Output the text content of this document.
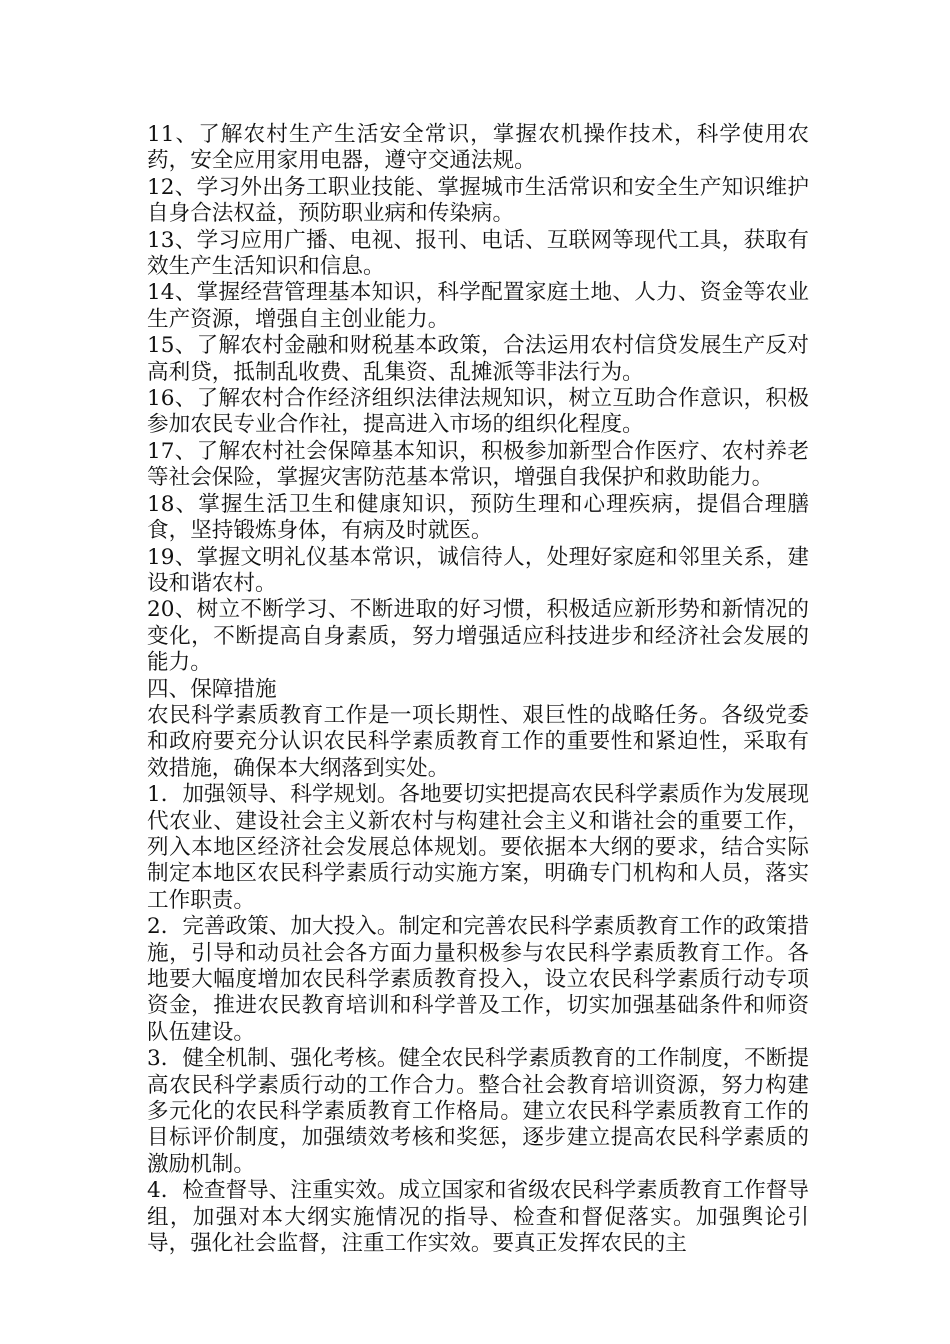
11、了解农村生产生活安全常识，掌握农机操作技术，科学使用农药，安全应用家用电器，遵守交通法规。

12、学习外出务工职业技能、掌握城市生活常识和安全生产知识维护自身合法权益，预防职业病和传染病。

13、学习应用广播、电视、报刊、电话、互联网等现代工具，获取有效生产生活知识和信息。

14、掌握经营管理基本知识，科学配置家庭土地、人力、资金等农业生产资源，增强自主创业能力。

15、了解农村金融和财税基本政策，合法运用农村信贷发展生产反对高利贷，抵制乱收费、乱集资、乱摊派等非法行为。

16、了解农村合作经济组织法律法规知识，树立互助合作意识，积极参加农民专业合作社，提高进入市场的组织化程度。

17、了解农村社会保障基本知识，积极参加新型合作医疗、农村养老等社会保险，掌握灾害防范基本常识，增强自我保护和救助能力。

18、掌握生活卫生和健康知识，预防生理和心理疾病，提倡合理膳食，坚持锻炼身体，有病及时就医。

19、掌握文明礼仪基本常识，诚信待人，处理好家庭和邻里关系，建设和谐农村。

20、树立不断学习、不断进取的好习惯，积极适应新形势和新情况的变化，不断提高自身素质，努力增强适应科技进步和经济社会发展的能力。

四、保障措施

农民科学素质教育工作是一项长期性、艰巨性的战略任务。各级党委和政府要充分认识农民科学素质教育工作的重要性和紧迫性，采取有效措施，确保本大纲落到实处。

1．加强领导、科学规划。各地要切实把提高农民科学素质作为发展现代农业、建设社会主义新农村与构建社会主义和谐社会的重要工作，列入本地区经济社会发展总体规划。要依据本大纲的要求，结合实际制定本地区农民科学素质行动实施方案，明确专门机构和人员，落实工作职责。

2．完善政策、加大投入。制定和完善农民科学素质教育工作的政策措施，引导和动员社会各方面力量积极参与农民科学素质教育工作。各地要大幅度增加农民科学素质教育投入，设立农民科学素质行动专项资金，推进农民教育培训和科学普及工作，切实加强基础条件和师资队伍建设。

3．健全机制、强化考核。健全农民科学素质教育的工作制度，不断提高农民科学素质行动的工作合力。整合社会教育培训资源，努力构建多元化的农民科学素质教育工作格局。建立农民科学素质教育工作的目标评价制度，加强绩效考核和奖惩，逐步建立提高农民科学素质的激励机制。

4．检查督导、注重实效。成立国家和省级农民科学素质教育工作督导组，加强对本大纲实施情况的指导、检查和督促落实。加强舆论引导，强化社会监督，注重工作实效。要真正发挥农民的主
